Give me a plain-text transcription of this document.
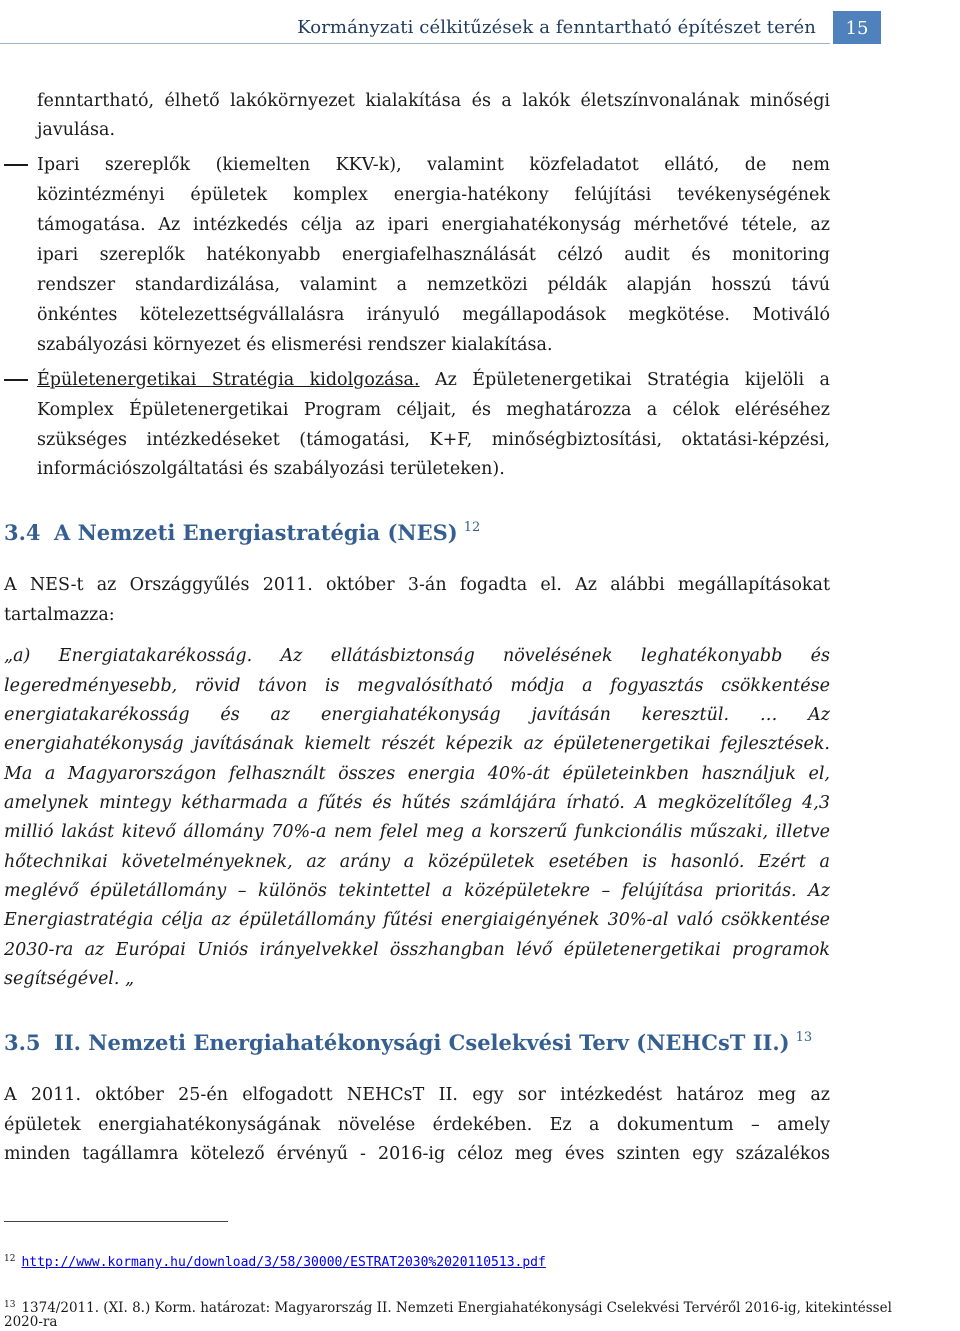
Kormányzati célkitűzések a fenntartható építészet terén	15
fenntartható, élhető lakókörnyezet kialakítása és a lakók életszínvonalának minőségi
javulása.
Ipari szereplők (kiemelten KKV-k), valamint közfeladatot ellátó, de nem
közintézményi épületek komplex energia-hatékony felújítási tevékenységének
támogatása. Az intézkedés célja az ipari energiahatékonyság mérhetővé tétele, az
ipari szereplők hatékonyabb energiafelhasználását célzó audit és monitoring
rendszer standardizálása, valamint a nemzetközi példák alapján hosszú távú
önkéntes kötelezettségvállalásra irányuló megállapodások megkötése. Motiváló
szabályozási környezet és elismerési rendszer kialakítása.
Épületenergetikai Stratégia kidolgozása. Az Épületenergetikai Stratégia kijelöli a
Komplex Épületenergetikai Program céljait, és meghatározza a célok eléréséhez
szükséges intézkedéseket (támogatási, K+F, minőségbiztosítási, oktatási-képzési,
információszolgáltatási és szabályozási területeken).
3.4 A Nemzeti Energiastratégia (NES) $^{12}$
A NES-t az Országgyűlés 2011. október 3-án fogadta el. Az alábbi megállapításokat
tartalmazza:
„a) Energiatakarékosság. Az ellátásbiztonság növelésének leghatékonyabb és
legeredményesebb, rövid távon is megvalósítható módja a fogyasztás csökkentése
energiatakarékosság és az energiahatékonyság javításán keresztül. … Az
energiahatékonyság javításának kiemelt részét képezik az épületenergetikai fejlesztések.
Ma a Magyarországon felhasznált összes energia 40%-át épületeinkben használjuk el,
amelynek mintegy kétharmada a fűtés és hűtés számlájára írható. A megközelítőleg 4,3
millió lakást kitevő állomány 70%-a nem felel meg a korszerű funkcionális műszaki, illetve
hőtechnikai követelményeknek, az arány a középületek esetében is hasonló. Ezért a
meglévő épületállomány – különös tekintettel a középületekre – felújítása prioritás. Az
Energiastratégia célja az épületállomány fűtési energiaigényének 30%-al való csökkentése
2030-ra az Európai Uniós irányelvekkel összhangban lévő épületenergetikai programok
segítségével. „
3.5 II. Nemzeti Energiahatékonysági Cselekvési Terv (NEHCsT II.) $^{13}$
A 2011. október 25-én elfogadott NEHCsT II. egy sor intézkedést határoz meg az
épületek energiahatékonyságának növelése érdekében. Ez a dokumentum – amely
minden tagállamra kötelező érvényű - 2016-ig céloz meg éves szinten egy százalékos
$^{12}$ http://www.kormany.hu/download/3/58/30000/ESTRAT2030%2020110513.pdf
$^{13}$ 1374/2011. (XI. 8.) Korm. határozat: Magyarország II. Nemzeti Energiahatékonysági Cselekvési Tervéről 2016-ig, kitekintéssel
2020-ra
